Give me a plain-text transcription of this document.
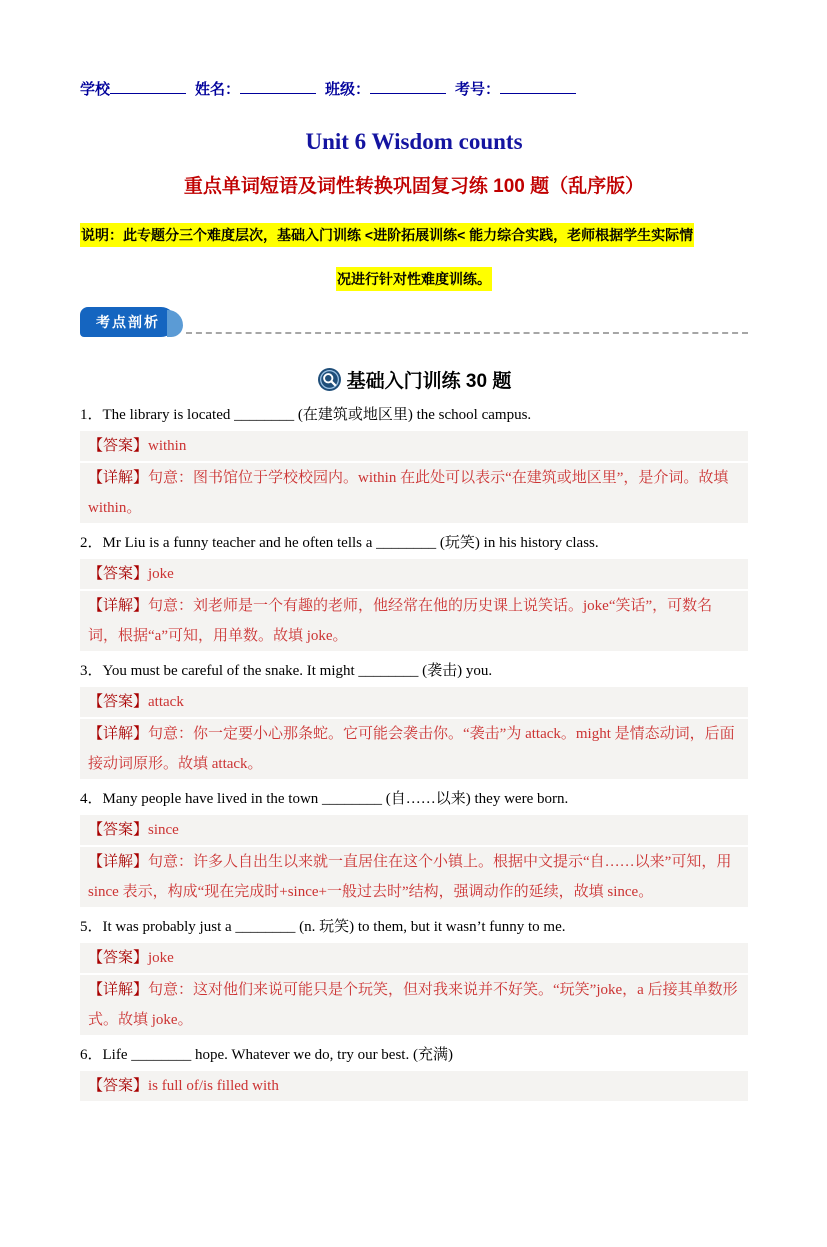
学校	姓名：	班级：	考号：
Unit 6 Wisdom counts
重点单词短语及词性转换巩固复习练 100 题（乱序版）
说明：此专题分三个难度层次，基础入门训练 <进阶拓展训练< 能力综合实践，老师根据学生实际情
况进行针对性难度训练。
考点剖析
基础入门训练 30 题

1．The library is located ________ (在建筑或地区里) the school campus.

【答案】within
【详解】句意：图书馆位于学校校园内。within 在此处可以表示“在建筑或地区里”，是介词。故填 within。

2．Mr Liu is a funny teacher and he often tells a ________ (玩笑) in his history class.

【答案】joke
【详解】句意：刘老师是一个有趣的老师，他经常在他的历史课上说笑话。joke“笑话”，可数名词，根据“a”可知，用单数。故填 joke。

3．You must be careful of the snake. It might ________ (袭击) you.

【答案】attack
【详解】句意：你一定要小心那条蛇。它可能会袭击你。“袭击”为 attack。might 是情态动词，后面接动词原形。故填 attack。

4．Many people have lived in the town ________ (自……以来) they were born.

【答案】since
【详解】句意：许多人自出生以来就一直居住在这个小镇上。根据中文提示“自……以来”可知，用 since 表示，构成“现在完成时+since+一般过去时”结构，强调动作的延续，故填 since。

5．It was probably just a ________ (n. 玩笑) to them, but it wasn’t funny to me.

【答案】joke
【详解】句意：这对他们来说可能只是个玩笑，但对我来说并不好笑。“玩笑”joke，a 后接其单数形式。故填 joke。

6．Life ________ hope. Whatever we do, try our best. (充满)

【答案】is full of/is filled with
